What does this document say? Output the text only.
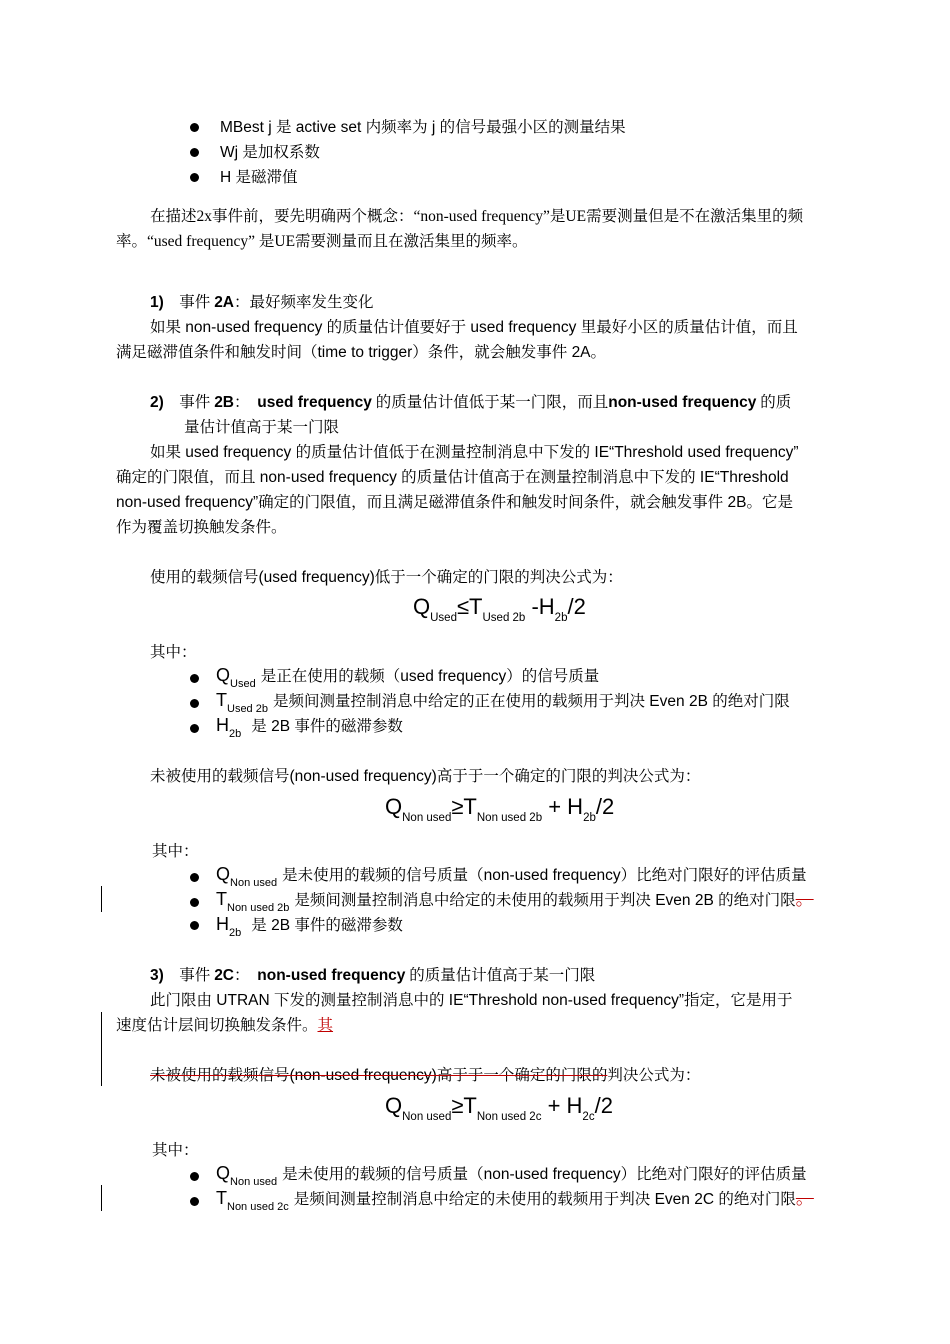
MBest j 是 active set 内频率为 j 的信号最强小区的测量结果
Wj 是加权系数
H 是磁滞值
在描述2x事件前，要先明确两个概念：“non-used frequency”是UE需要测量但是不在激活集里的频
率。“used frequency” 是UE需要测量而且在激活集里的频率。
1) 事件 2A：最好频率发生变化
如果 non-used frequency 的质量估计值要好于 used frequency 里最好小区的质量估计值，而且
满足磁滞值条件和触发时间（time to trigger）条件，就会触发事件 2A。
2) 事件 2B： used frequency 的质量估计值低于某一门限，而且non-used frequency 的质
量估计值高于某一门限
如果 used frequency 的质量估计值低于在测量控制消息中下发的 IE“Threshold used frequency”
确定的门限值，而且 non-used frequency 的质量估计值高于在测量控制消息中下发的 IE“Threshold
non-used frequency”确定的门限值，而且满足磁滞值条件和触发时间条件，就会触发事件 2B。它是
作为覆盖切换触发条件。
使用的载频信号(used frequency)低于一个确定的门限的判决公式为：
$Q_{Used}\le T_{Used 2b}$ $-H_{2b}/2$
其中：
$Q_{Used}$ 是正在使用的载频（used frequency）的信号质量
$T_{Used 2b}$ 是频间测量控制消息中给定的正在使用的载频用于判决 Even 2B 的绝对门限
$H_{2b}$ 是 2B 事件的磁滞参数
未被使用的载频信号(non-used frequency)高于于一个确定的门限的判决公式为：
$Q_{Non used}\ge T_{Non used 2b} + H_{2b}/2$
其中：
$Q_{Non used}$ 是未使用的载频的信号质量（non-used frequency）比绝对门限好的评估质量
$T_{Non used 2b}$ 是频间测量控制消息中给定的未使用的载频用于判决 Even 2B 的绝对门限。
$H_{2b}$ 是 2B 事件的磁滞参数
3) 事件 2C： non-used frequency 的质量估计值高于某一门限
此门限由 UTRAN 下发的测量控制消息中的 IE“Threshold non-used frequency”指定，它是用于
速度估计层间切换触发条件。其
未被使用的载频信号(non-used frequency)高于于一个确定的门限的判决公式为：
$Q_{Non used}\ge T_{Non used 2c} + H_{2c}/2$
其中：
$Q_{Non used}$ 是未使用的载频的信号质量（non-used frequency）比绝对门限好的评估质量
$T_{Non used 2c}$ 是频间测量控制消息中给定的未使用的载频用于判决 Even 2C 的绝对门限。
